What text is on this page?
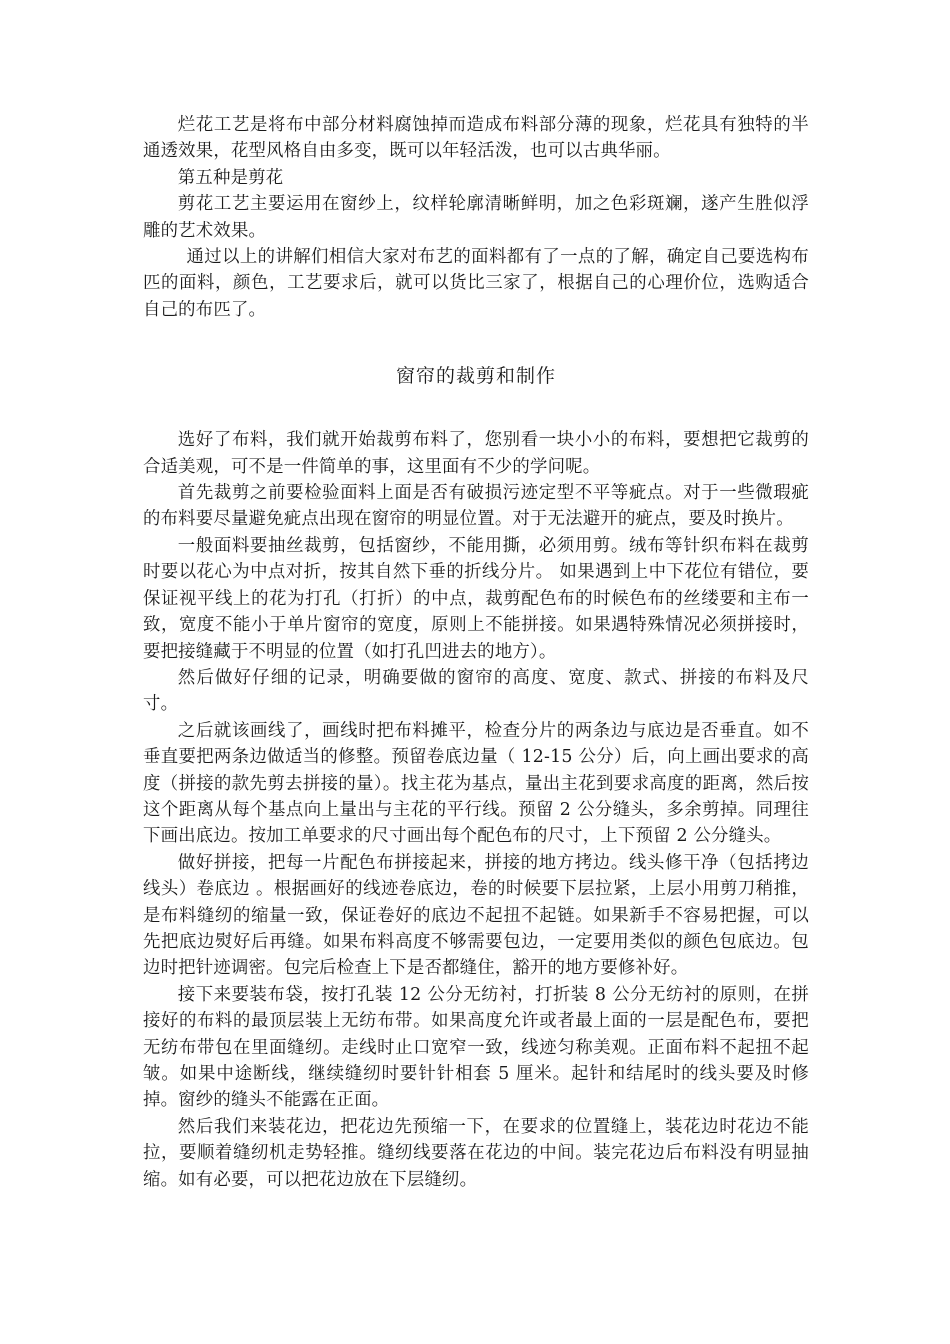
烂花工艺是将布中部分材料腐蚀掉而造成布料部分薄的现象，烂花具有独特的半通透效果，花型风格自由多变，既可以年轻活泼，也可以古典华丽。

第五种是剪花

剪花工艺主要运用在窗纱上，纹样轮廓清晰鲜明，加之色彩斑斓，遂产生胜似浮雕的艺术效果。

通过以上的讲解们相信大家对布艺的面料都有了一点的了解，确定自己要选构布匹的面料，颜色，工艺要求后，就可以货比三家了，根据自己的心理价位，选购适合自己的布匹了。

窗帘的裁剪和制作

选好了布料，我们就开始裁剪布料了，您别看一块小小的布料，要想把它裁剪的合适美观，可不是一件简单的事，这里面有不少的学问呢。

首先裁剪之前要检验面料上面是否有破损污迹定型不平等疵点。对于一些微瑕疵的布料要尽量避免疵点出现在窗帘的明显位置。对于无法避开的疵点，要及时换片。

一般面料要抽丝裁剪，包括窗纱，不能用撕，必须用剪。绒布等针织布料在裁剪时要以花心为中点对折，按其自然下垂的折线分片。 如果遇到上中下花位有错位，要保证视平线上的花为打孔（打折）的中点，裁剪配色布的时候色布的丝缕要和主布一致，宽度不能小于单片窗帘的宽度，原则上不能拼接。如果遇特殊情况必须拼接时，要把接缝藏于不明显的位置（如打孔凹进去的地方）。

然后做好仔细的记录，明确要做的窗帘的高度、宽度、款式、拼接的布料及尺寸。

之后就该画线了，画线时把布料摊平，检查分片的两条边与底边是否垂直。如不垂直要把两条边做适当的修整。预留卷底边量（ 12-15 公分）后，向上画出要求的高度（拼接的款先剪去拼接的量）。找主花为基点，量出主花到要求高度的距离，然后按这个距离从每个基点向上量出与主花的平行线。预留 2 公分缝头，多余剪掉。同理往下画出底边。按加工单要求的尺寸画出每个配色布的尺寸，上下预留 2 公分缝头。

做好拼接，把每一片配色布拼接起来，拼接的地方拷边。线头修干净（包括拷边线头）卷底边 。根据画好的线迹卷底边，卷的时候要下层拉紧，上层小用剪刀稍推，是布料缝纫的缩量一致，保证卷好的底边不起扭不起链。如果新手不容易把握，可以先把底边熨好后再缝。如果布料高度不够需要包边，一定要用类似的颜色包底边。包边时把针迹调密。包完后检查上下是否都缝住，豁开的地方要修补好。

接下来要装布袋，按打孔装 12 公分无纺衬，打折装 8 公分无纺衬的原则，在拼接好的布料的最顶层装上无纺布带。如果高度允许或者最上面的一层是配色布，要把无纺布带包在里面缝纫。走线时止口宽窄一致，线迹匀称美观。正面布料不起扭不起皱。如果中途断线，继续缝纫时要针针相套 5 厘米。起针和结尾时的线头要及时修掉。窗纱的缝头不能露在正面。

然后我们来装花边，把花边先预缩一下，在要求的位置缝上，装花边时花边不能拉，要顺着缝纫机走势轻推。缝纫线要落在花边的中间。装完花边后布料没有明显抽缩。如有必要，可以把花边放在下层缝纫。
